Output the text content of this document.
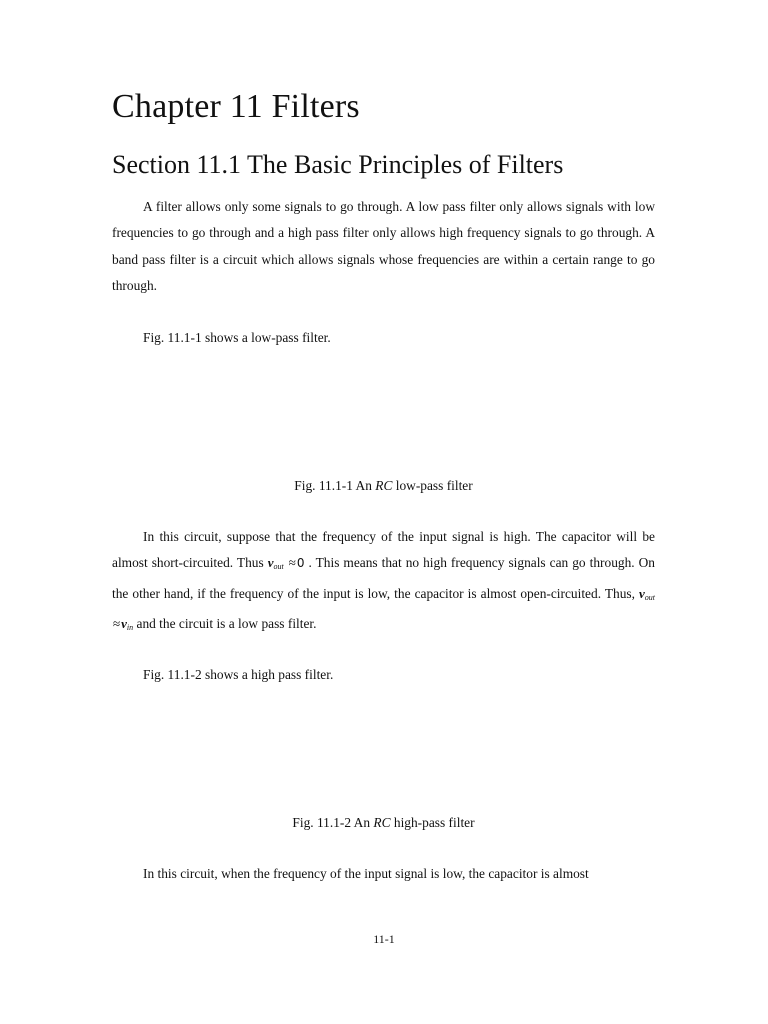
Chapter 11 Filters
Section 11.1 The Basic Principles of Filters

A filter allows only some signals to go through. A low pass filter only allows signals with low frequencies to go through and a high pass filter only allows high frequency signals to go through. A band pass filter is a circuit which allows signals whose frequencies are within a certain range to go through.

Fig. 11.1-1 shows a low-pass filter.

Fig. 11.1-1 An RC low-pass filter

In this circuit, suppose that the frequency of the input signal is high. The capacitor will be almost short-circuited. Thus $v_{out} \approx 0$ . This means that no high frequency signals can go through. On the other hand, if the frequency of the input is low, the capacitor is almost open-circuited. Thus, $v_{out} \approx v_{in}$ and the circuit is a low pass filter.

Fig. 11.1-2 shows a high pass filter.

Fig. 11.1-2 An RC high-pass filter

In this circuit, when the frequency of the input signal is low, the capacitor is almost

11-1
